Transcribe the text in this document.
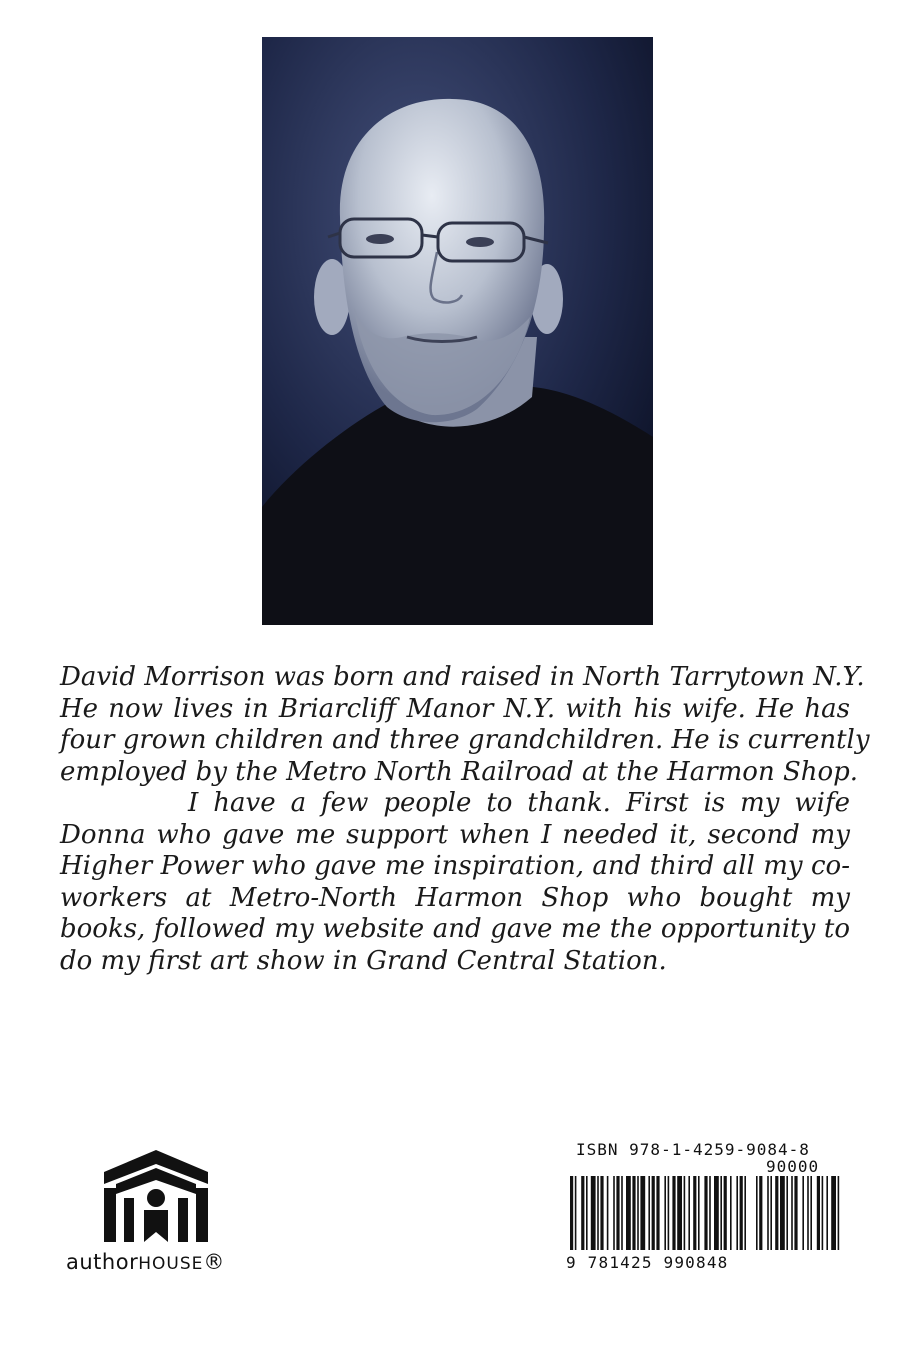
David Morrison was born and raised in North Tarrytown N.Y.
He now lives in Briarcliff Manor N.Y. with his wife. He has
four grown children and three grandchildren. He is currently
employed by the Metro North Railroad at the Harmon Shop.
I have a few people to thank. First is my wife
Donna who gave me support when I needed it, second my
Higher Power who gave me inspiration, and third all my co-
workers at Metro-North Harmon Shop who bought my
books, followed my website and gave me the opportunity to
do my first art show in Grand Central Station.
authorHOUSE®
ISBN 978-1-4259-9084-8
90000
9 781425 990848
